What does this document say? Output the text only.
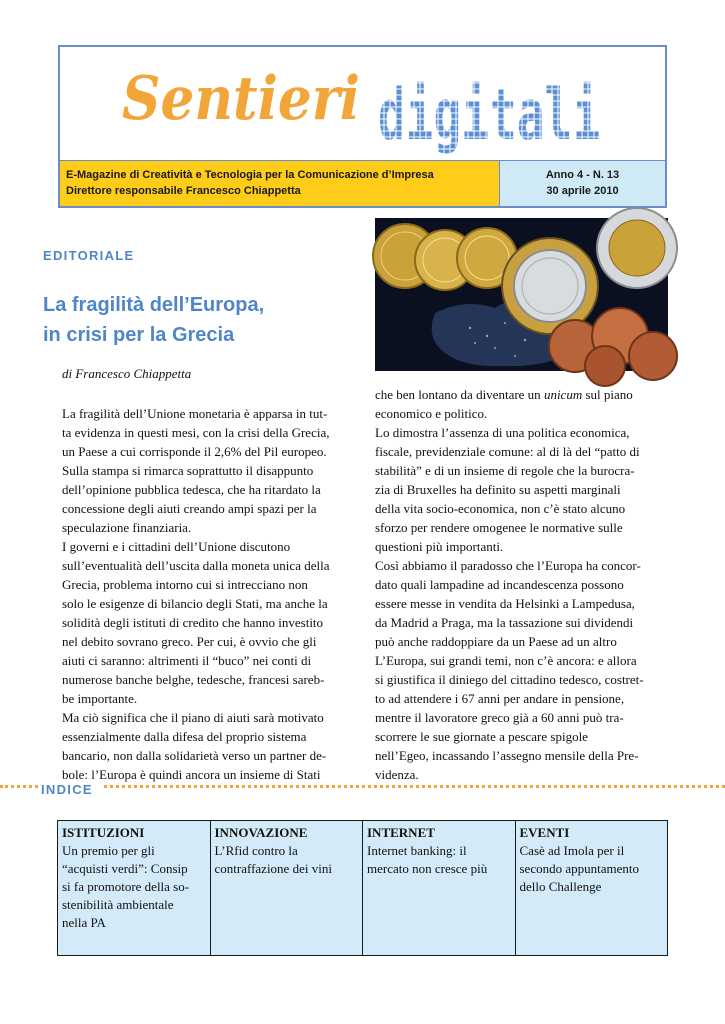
Sentieri digitali
E-Magazine di Creatività e Tecnologia per la Comunicazione d’Impresa
Direttore responsabile Francesco Chiappetta
Anno 4 - N. 13
30 aprile 2010
EDITORIALE
La fragilità dell’Europa,
in crisi per la Grecia
di Francesco Chiappetta

La fragilità dell’Unione monetaria è apparsa in tut-

ta evidenza in questi mesi, con la crisi della Grecia,

un Paese a cui corrisponde il 2,6% del Pil europeo.

Sulla stampa si rimarca soprattutto il disappunto

dell’opinione pubblica tedesca, che ha ritardato la

concessione degli aiuti creando ampi spazi per la

speculazione finanziaria.

I governi e i cittadini dell’Unione discutono

sull’eventualità dell’uscita dalla moneta unica della

Grecia, problema intorno cui si intrecciano non

solo le esigenze di bilancio degli Stati, ma anche la

solidità degli istituti di credito che hanno investito

nel debito sovrano greco. Per cui, è ovvio che gli

aiuti ci saranno: altrimenti il “buco” nei conti di

numerose banche belghe, tedesche, francesi sareb-

be importante.

Ma ciò significa che il piano di aiuti sarà motivato

essenzialmente dalla difesa del proprio sistema

bancario, non dalla solidarietà verso un partner de-

bole: l’Europa è quindi ancora un insieme di Stati

che ben lontano da diventare un unicum sul piano

economico e politico.

Lo dimostra l’assenza di una politica economica,

fiscale, previdenziale comune: al di là del “patto di

stabilità” e di un insieme di regole che la burocra-

zia di Bruxelles ha definito su aspetti marginali

della vita socio-economica, non c’è stato alcuno

sforzo per rendere omogenee le normative sulle

questioni più importanti.

Così abbiamo il paradosso che l’Europa ha concor-

dato quali lampadine ad incandescenza possono

essere messe in vendita da Helsinki a Lampedusa,

da Madrid a Praga, ma la tassazione sui dividendi

può anche raddoppiare da un Paese ad un altro

L’Europa, sui grandi temi, non c’è ancora: e allora

si giustifica il diniego del cittadino tedesco, costret-

to ad attendere i 67 anni per andare in pensione,

mentre il lavoratore greco già a 60 anni può tra-

scorrere le sue giornate a pescare spigole

nell’Egeo, incassando l’assegno mensile della Pre-

videnza.

INDICE
ISTITUZIONI
Un premio per gli
“acquisti verdi”: Consip
si fa promotore della so-
stenibilità ambientale
nella PA
INNOVAZIONE
L’Rfid contro la
contraffazione dei vini
INTERNET
Internet banking: il
mercato non cresce più
EVENTI
Casè ad Imola per il
secondo appuntamento
dello Challenge
